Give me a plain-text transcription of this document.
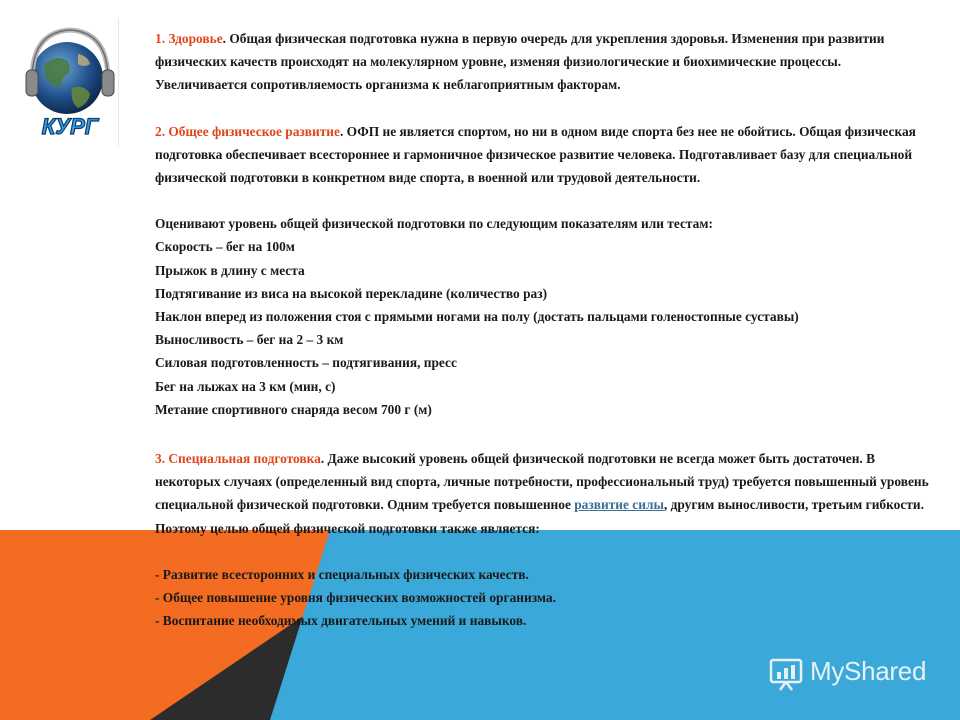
КУРГ

1. Здоровье. Общая физическая подготовка нужна в первую очередь для укрепления здоровья. Изменения при развитии физических качеств происходят на молекулярном уровне, изменяя физиологические и биохимические процессы. Увеличивается сопротивляемость организма к неблагоприятным факторам.

2. Общее физическое развитие. ОФП не является спортом, но ни в одном виде спорта без нее не обойтись. Общая физическая подготовка обеспечивает всестороннее и гармоничное физическое развитие человека. Подготавливает базу для специальной физической подготовки в конкретном виде спорта, в военной или трудовой деятельности.

Оценивают уровень общей физической подготовки по следующим показателям или тестам:

Скорость – бег на 100м

Прыжок в длину с места

Подтягивание из виса на высокой перекладине (количество раз)

Наклон вперед из положения стоя с прямыми ногами на полу (достать пальцами голеностопные суставы)

Выносливость – бег на 2 – 3 км

Силовая подготовленность – подтягивания, пресс

Бег на лыжах на 3 км (мин, с)

Метание спортивного снаряда весом 700 г (м)

3. Специальная подготовка. Даже высокий уровень общей физической подготовки не всегда может быть достаточен. В некоторых случаях (определенный вид спорта, личные потребности, профессиональный труд) требуется повышенный уровень специальной физической подготовки. Одним требуется повышенное развитие силы, другим выносливости, третьим гибкости. Поэтому целью общей физической подготовки также является:

- Развитие всесторонних и специальных физических качеств.

- Общее повышение уровня физических возможностей организма.

- Воспитание необходимых двигательных умений и навыков.

MyShared
